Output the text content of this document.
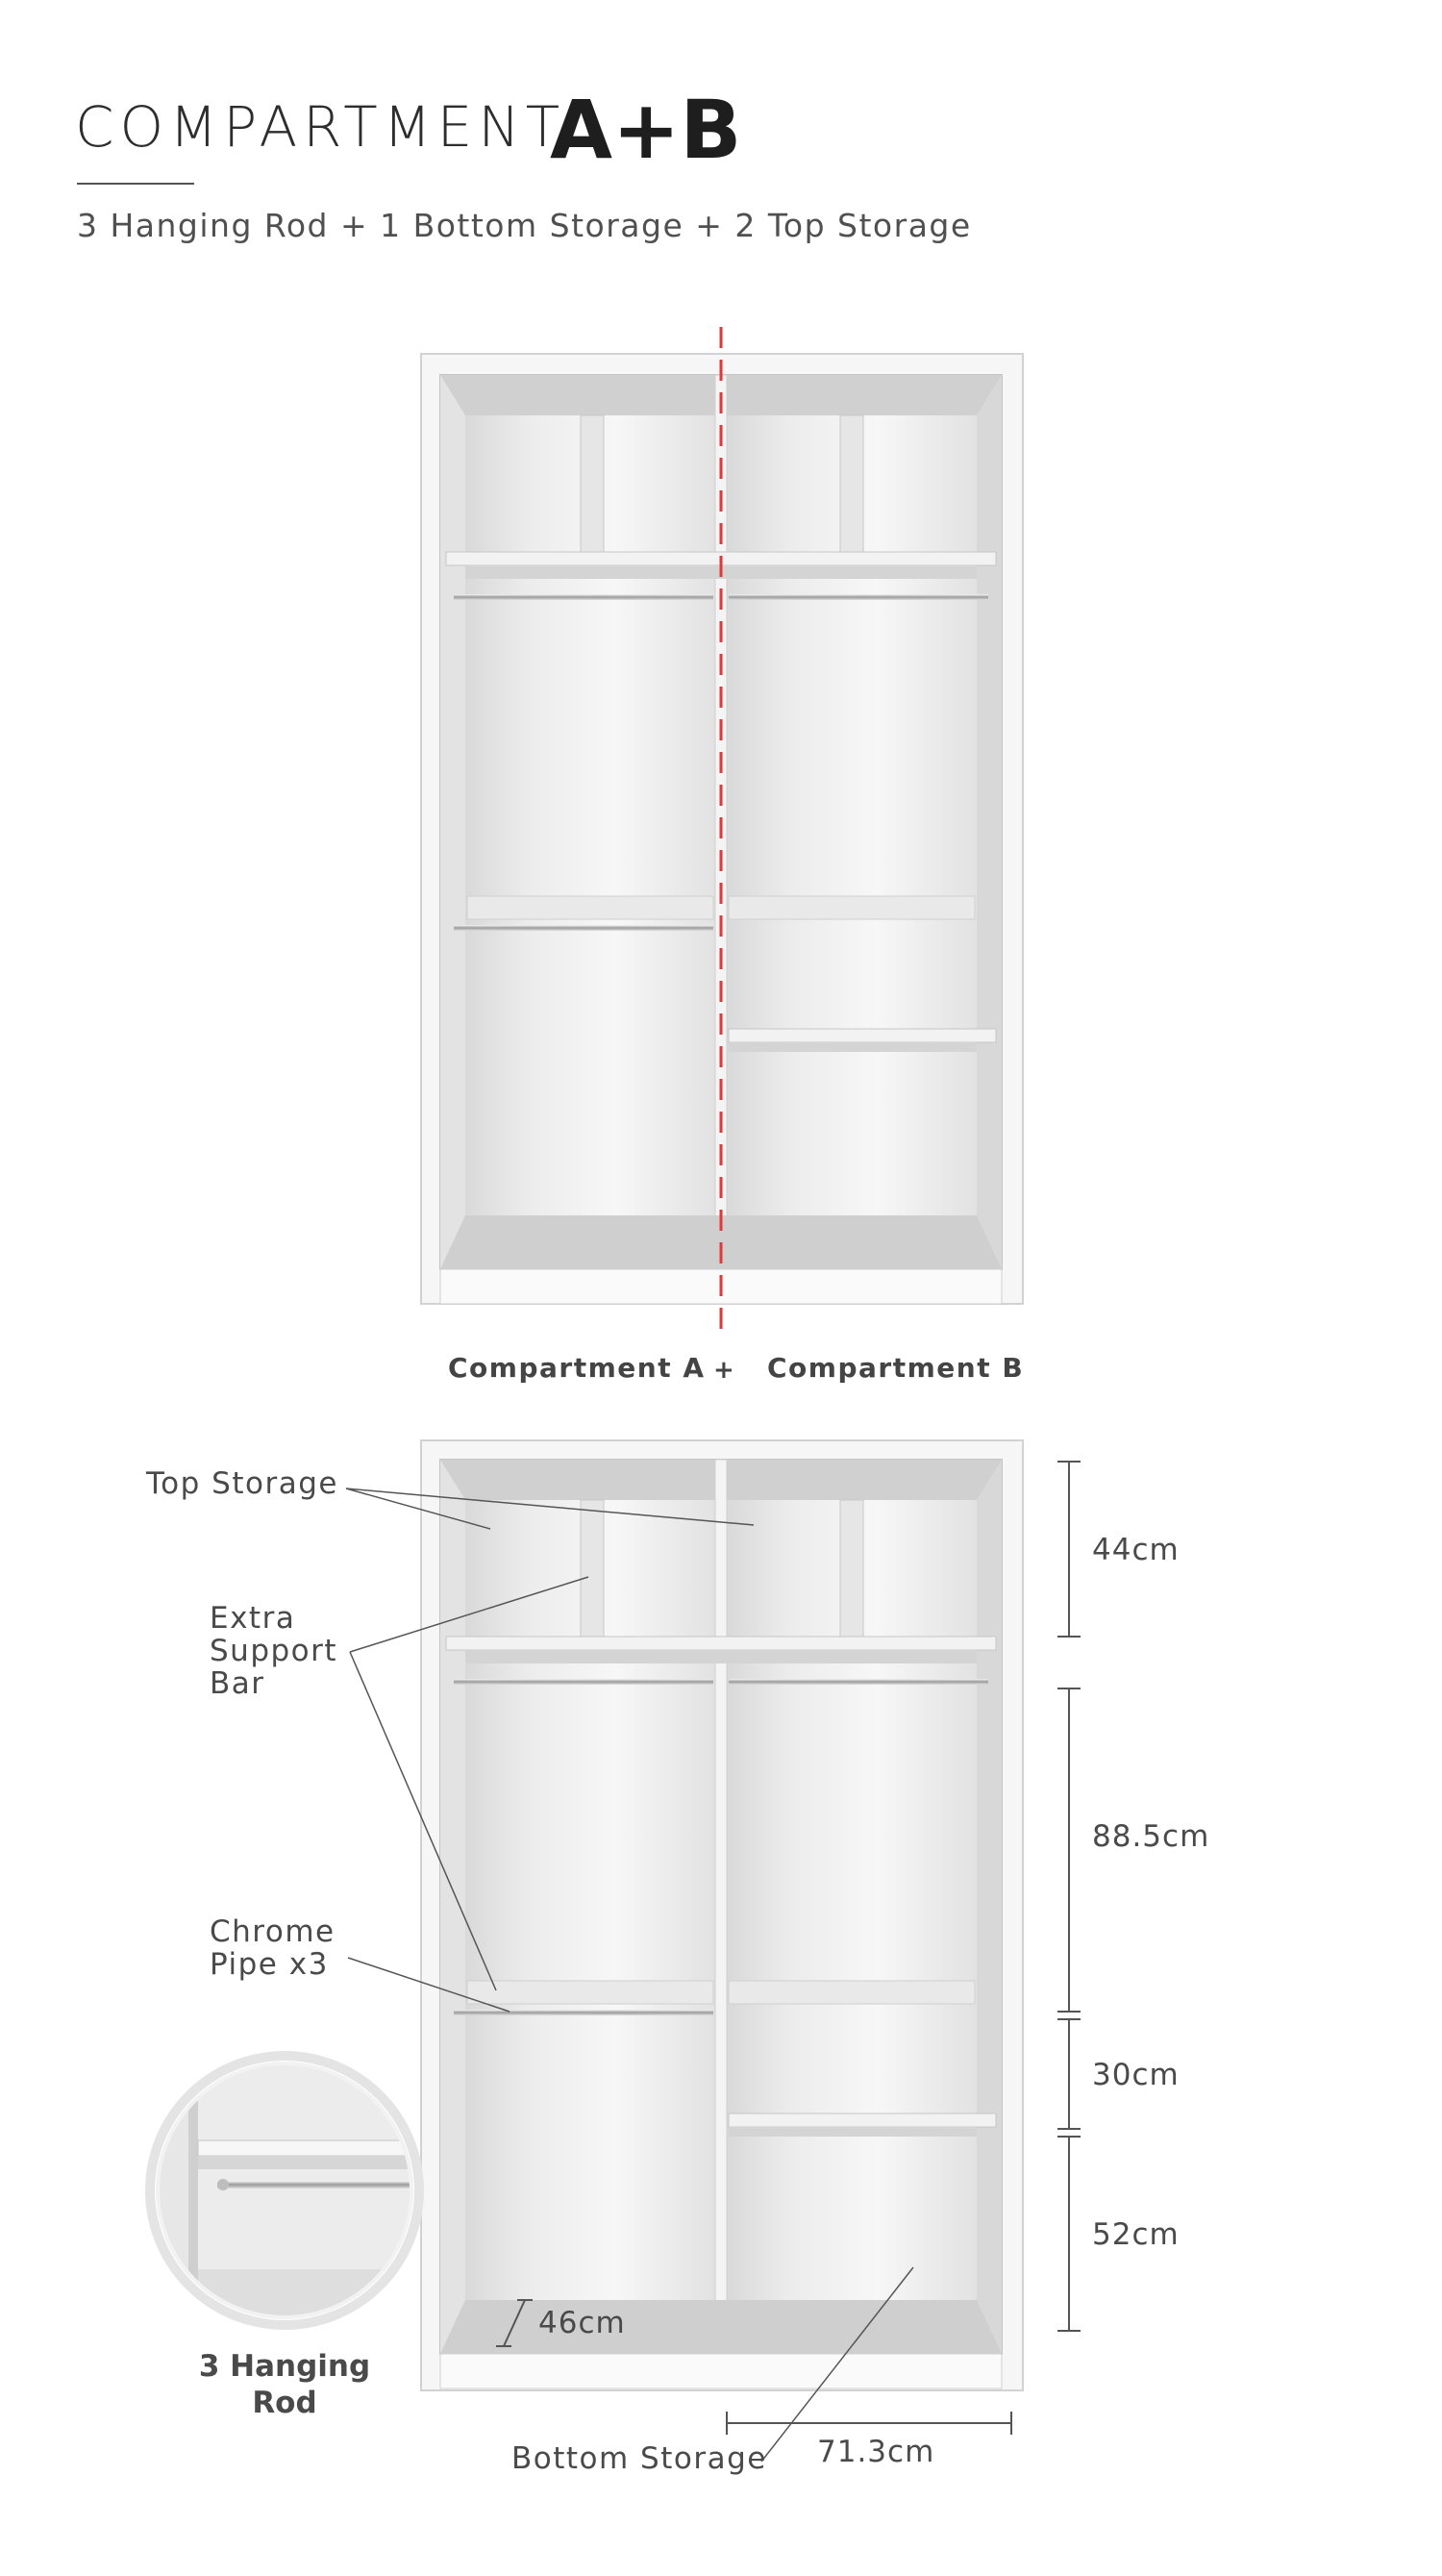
COMPARTMENT
A+B
3 Hanging Rod + 1 Bottom Storage + 2 Top Storage
Compartment A + Compartment B
Top Storage
Extra
Support
Bar
Chrome
Pipe x3
Bottom Storage
44cm
88.5cm
30cm
52cm
46cm
71.3cm
3 Hanging
Rod
